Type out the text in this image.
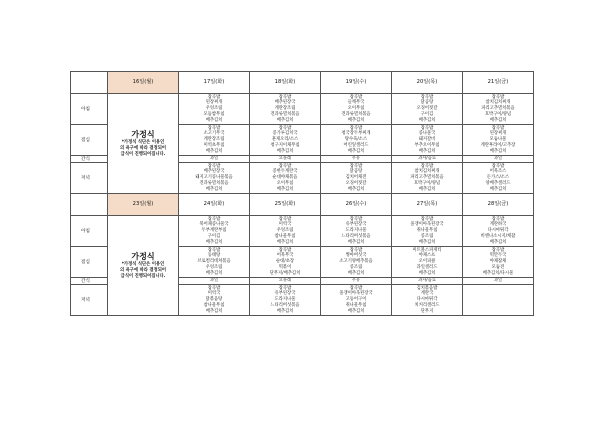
	16일(월)	17일(화)	18일(화)	19일(수)	20일(목)	21일(금)	
아침	가정식
*가정식 식단은 이용인
의 욕구에 따라 결정되어
급식이 진행되어집니다.	잡곡밥
된장찌개
우엉조림
모듬쌈무침
배추김치	잡곡밥
배추된장국
계란장조림
견과류멸치볶음
배추김치	잡곡밥
들깨무국
오이무침
견과류멸치볶음
배추김치	잡곡밥
닭곰탕
오징어젓갈
구이김
배추김치	잡곡밥
참치김치찌개
파리고추멸치볶음
호박구이/양념
배추김치

점심		잡곡밥
소고기무국
계란장조림
미역초무침
배추김치	잡곡밥
콩가루김치국
훈제오리/소스
청구지이채무침
배추김치	잡곡밥
청국장두부찌개
탕수육/소스
어린잎샐러드
배추김치	잡곡밥
콩나물국
돼지갈비
부추오이무침
배추김치	잡곡밥
된장찌개
모둠나물
계란후라이/고추장
배추김치	

간식		과일	요플레	우유	과자/음료	과일	

저녁		잡곡밥
배추된장국
돼지고기콩나물볶음
견과류멸치볶음
배추김치	잡곡밥
콩한두계란국
순대야채볶음
오이무침
배추김치	잡곡밥
닭곰탕
김치어채전
오징어젓갈
배추김치	잡곡밥
참치김치찌개
파리고추멸치볶음
호박구이/양념
배추김치	잡곡밥
어묵조스
돈가스/소스
양배추샐러드
배추김치	

	23일(월)	24일(화)	25일(화)	26일(수)	27일(목)	28일(금)	
아침	가정식
*가정식 식단은 이용인
의 욕구에 따라 결정되어
급식이 진행되어집니다.	잡곡밥
북어채콩나물국
두부계란부침
구이김
배추김치	잡곡밥
미역국
우엉조림
참나물무침
배추김치	잡곡밥
유부된장국
도라지나물
느타리버섯볶음
배추김치	잡곡밥
올갱이아욱된장국
취나물무침
콩조림
배추김치	잡곡밥
계란하국
다시마튀각
비엔나소시지/케찹
배추김치

점심		잡곡밥
동태탕
브로컬리데쳐볶음
우엉조림
배추김치	잡곡밥
어묵무국
순대/초장
떡볶이
단무지/배추김치	잡곡밥
쩡아버섯국
소고기양배추볶음
콩조림
배추김치	미트볼스파게티
야채스프
오이피클
과일샐러드
배추김치	잡곡밥
떡만두국
야채잡채
모둠전
배추김치/다시물	

간식		과일	요플레	우유	과자/음료	과일	

저녁		잡곡밥
미역국
닭볶음탕
참나물무침
배추김치	잡곡밥
유부된장국
도라지나물
느타리버섯볶음
배추김치	잡곡밥
올갱이아욱된장국
고등어구이
취나물무침
배추김치	김치볶음밥
계란국
다시마튀각
치커리샐러드
단무지		
